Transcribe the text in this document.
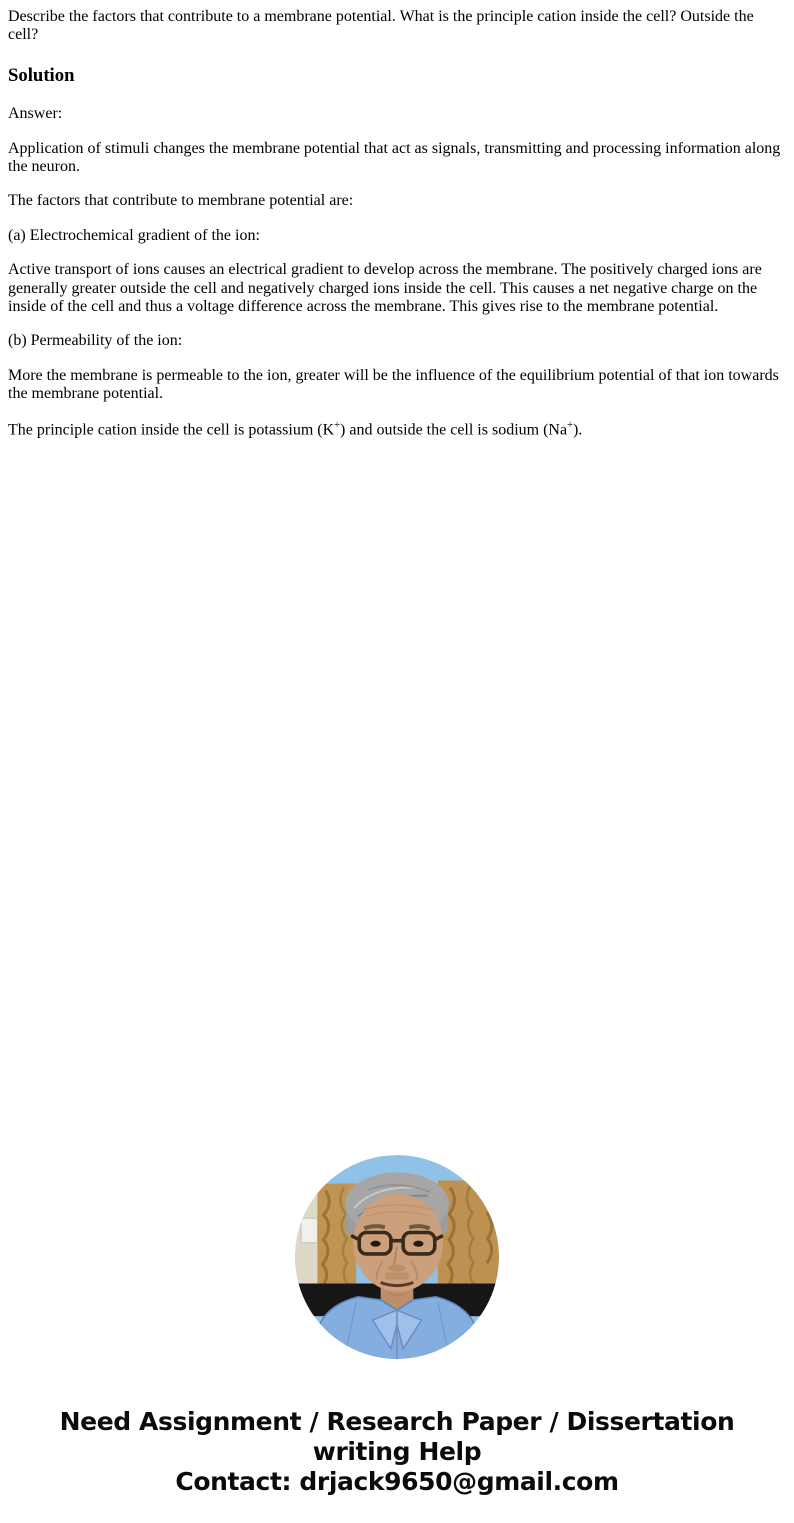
Describe the factors that contribute to a membrane potential. What is the principle cation inside the cell? Outside the cell?

Solution

Answer:

Application of stimuli changes the membrane potential that act as signals, transmitting and processing information along the neuron.

The factors that contribute to membrane potential are:

(a) Electrochemical gradient of the ion:

Active transport of ions causes an electrical gradient to develop across the membrane. The positively charged ions are generally greater outside the cell and negatively charged ions inside the cell. This causes a net negative charge on the inside of the cell and thus a voltage difference across the membrane. This gives rise to the membrane potential.

(b) Permeability of the ion:

More the membrane is permeable to the ion, greater will be the influence of the equilibrium potential of that ion towards the membrane potential.

The principle cation inside the cell is potassium (K+) and outside the cell is sodium (Na+).

Need Assignment / Research Paper / Dissertation
writing Help
Contact: drjack9650@gmail.com
